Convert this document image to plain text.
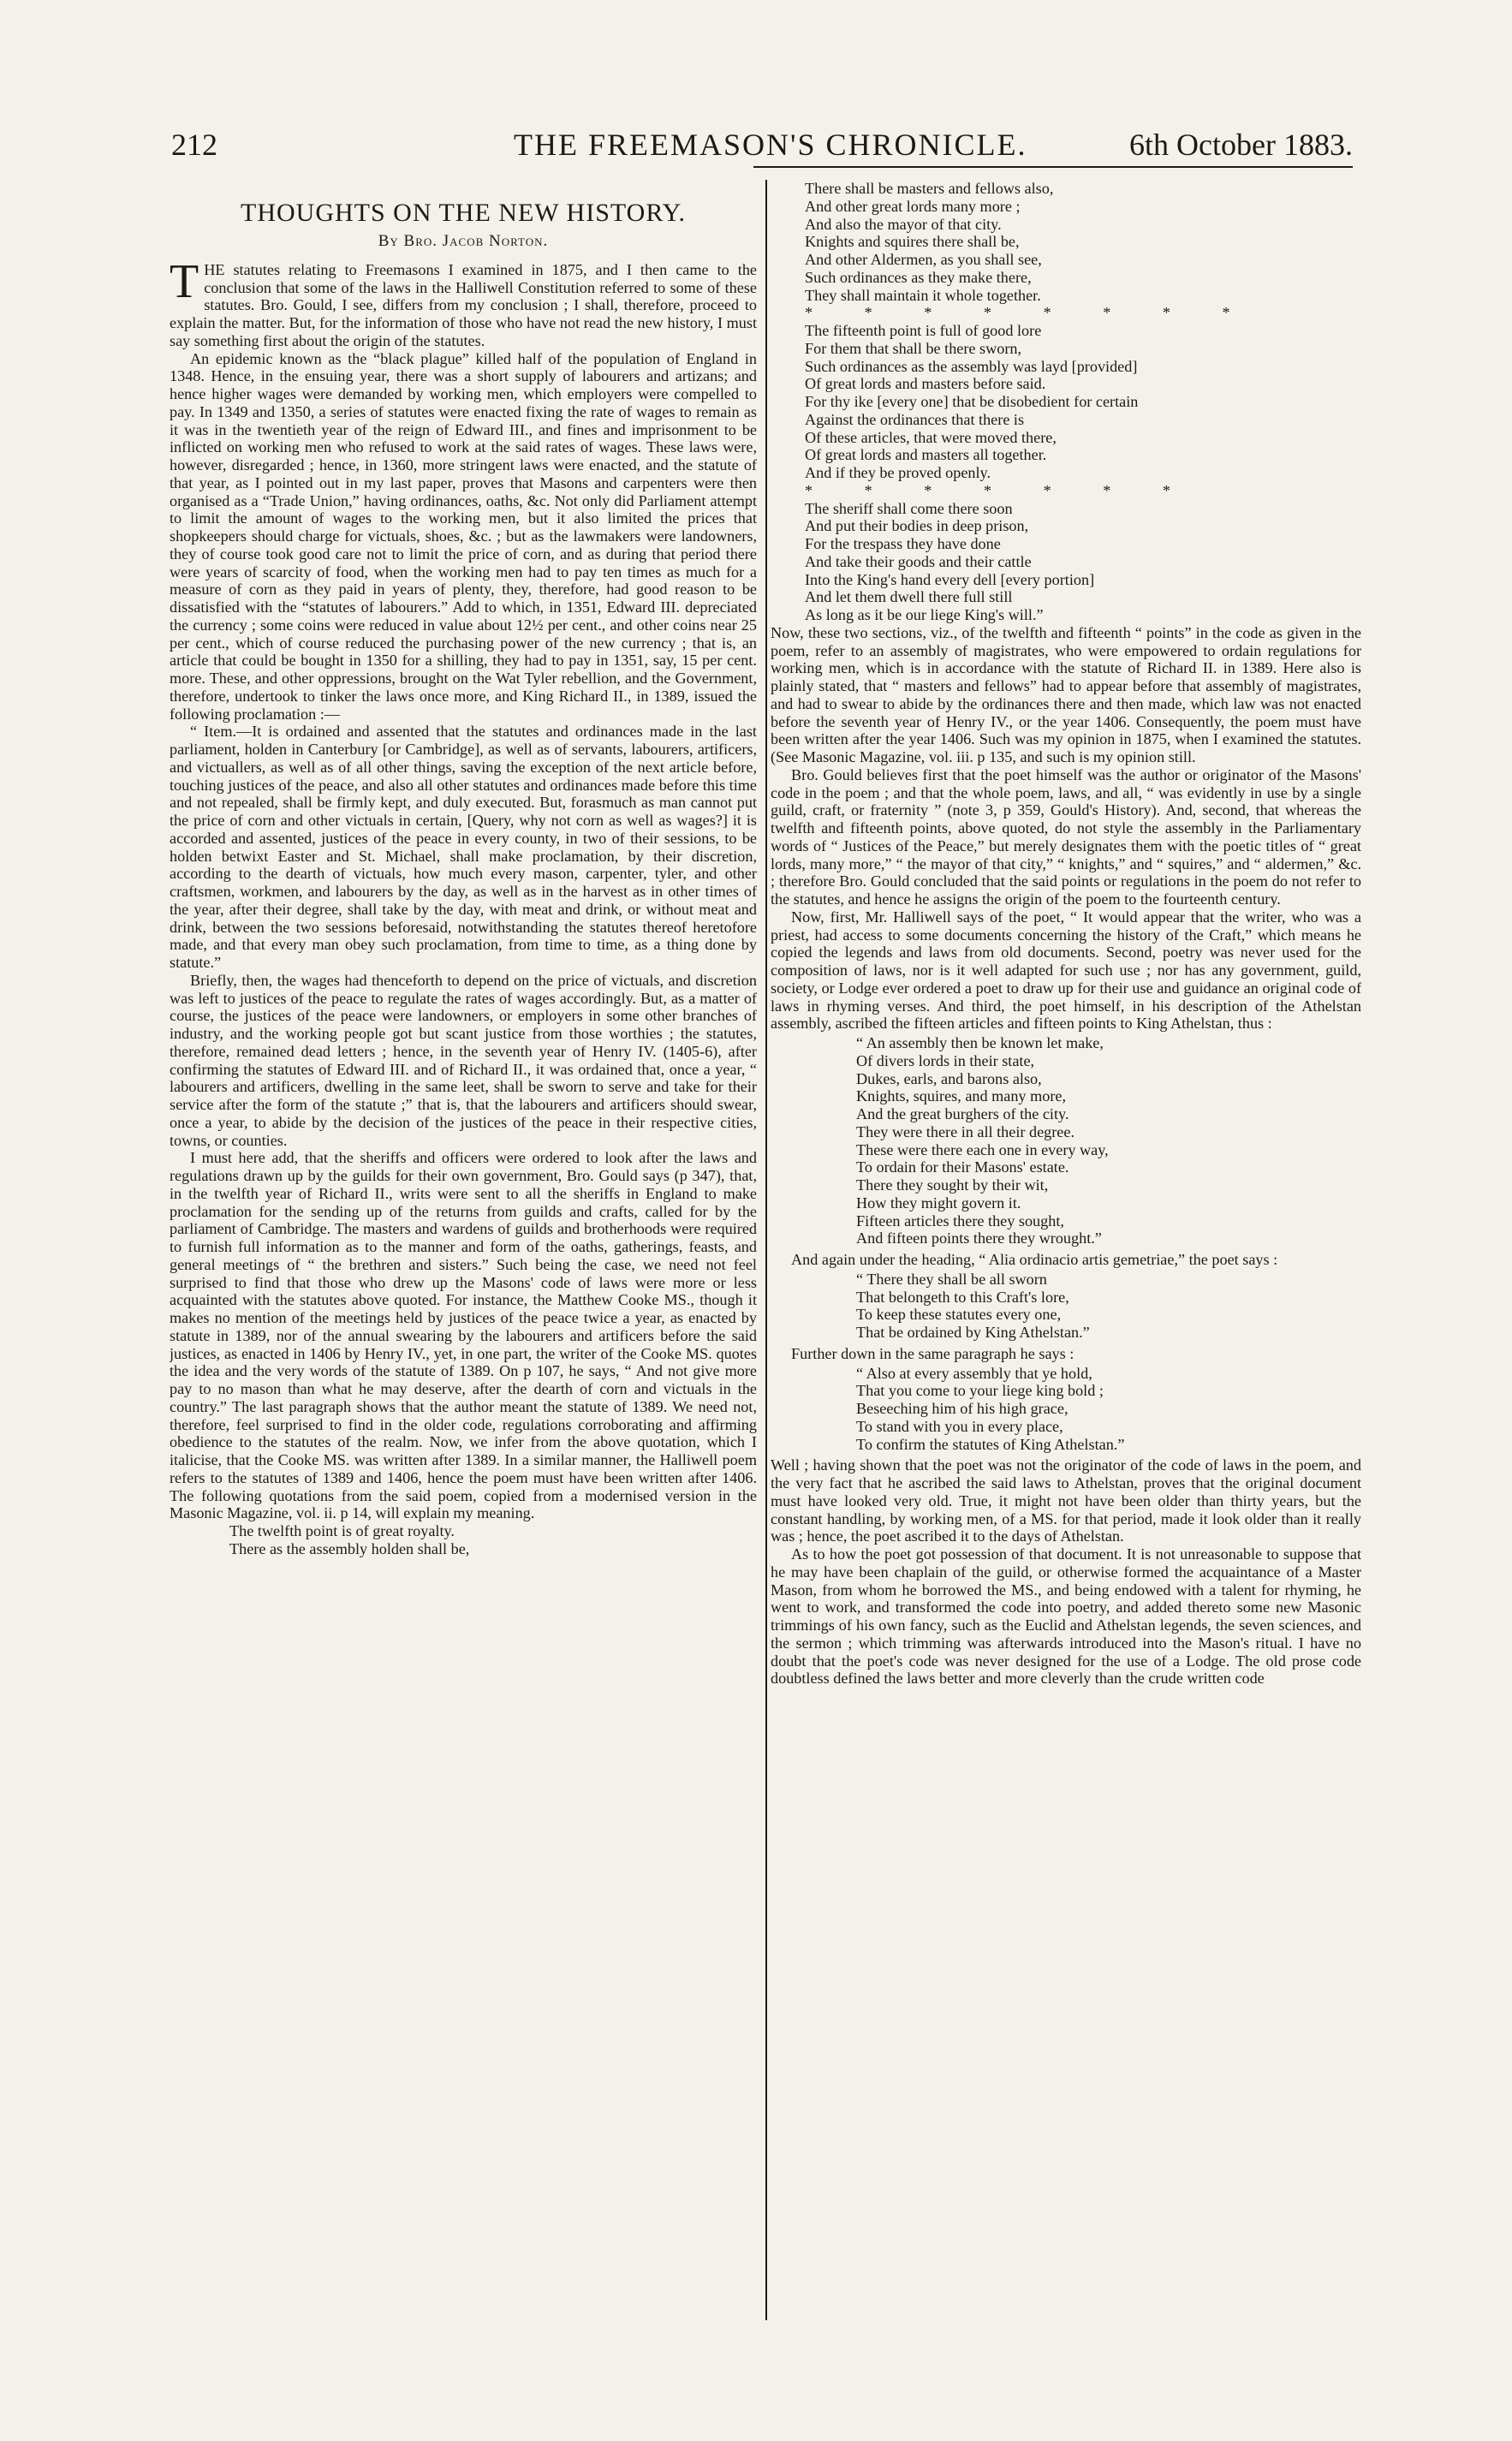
212	THE FREEMASON'S CHRONICLE.	6th October 1883.
THOUGHTS ON THE NEW HISTORY.
By Bro. Jacob Norton.

THE statutes relating to Freemasons I examined in 1875, and I then came to the conclusion that some of the laws in the Halliwell Constitution referred to some of these statutes. Bro. Gould, I see, differs from my conclusion ; I shall, therefore, proceed to explain the matter. But, for the information of those who have not read the new history, I must say something first about the origin of the statutes.

An epidemic known as the “black plague” killed half of the population of England in 1348. Hence, in the ensuing year, there was a short supply of labourers and artizans; and hence higher wages were demanded by working men, which employers were compelled to pay. In 1349 and 1350, a series of statutes were enacted fixing the rate of wages to remain as it was in the twentieth year of the reign of Edward III., and fines and imprisonment to be inflicted on working men who refused to work at the said rates of wages. These laws were, however, disregarded ; hence, in 1360, more stringent laws were enacted, and the statute of that year, as I pointed out in my last paper, proves that Masons and carpenters were then organised as a “Trade Union,” having ordinances, oaths, &c. Not only did Parliament attempt to limit the amount of wages to the working men, but it also limited the prices that shopkeepers should charge for victuals, shoes, &c. ; but as the lawmakers were landowners, they of course took good care not to limit the price of corn, and as during that period there were years of scarcity of food, when the working men had to pay ten times as much for a measure of corn as they paid in years of plenty, they, therefore, had good reason to be dissatisfied with the “statutes of labourers.” Add to which, in 1351, Edward III. depreciated the currency ; some coins were reduced in value about 12½ per cent., and other coins near 25 per cent., which of course reduced the purchasing power of the new currency ; that is, an article that could be bought in 1350 for a shilling, they had to pay in 1351, say, 15 per cent. more. These, and other oppressions, brought on the Wat Tyler rebellion, and the Government, therefore, undertook to tinker the laws once more, and King Richard II., in 1389, issued the following proclamation :—

“ Item.—It is ordained and assented that the statutes and ordinances made in the last parliament, holden in Canterbury [or Cambridge], as well as of servants, labourers, artificers, and victuallers, as well as of all other things, saving the exception of the next article before, touching justices of the peace, and also all other statutes and ordinances made before this time and not repealed, shall be firmly kept, and duly executed. But, forasmuch as man cannot put the price of corn and other victuals in certain, [Query, why not corn as well as wages?] it is accorded and assented, justices of the peace in every county, in two of their sessions, to be holden betwixt Easter and St. Michael, shall make proclamation, by their discretion, according to the dearth of victuals, how much every mason, carpenter, tyler, and other craftsmen, workmen, and labourers by the day, as well as in the harvest as in other times of the year, after their degree, shall take by the day, with meat and drink, or without meat and drink, between the two sessions beforesaid, notwithstanding the statutes thereof heretofore made, and that every man obey such proclamation, from time to time, as a thing done by statute.”

Briefly, then, the wages had thenceforth to depend on the price of victuals, and discretion was left to justices of the peace to regulate the rates of wages accordingly. But, as a matter of course, the justices of the peace were landowners, or employers in some other branches of industry, and the working people got but scant justice from those worthies ; the statutes, therefore, remained dead letters ; hence, in the seventh year of Henry IV. (1405-6), after confirming the statutes of Edward III. and of Richard II., it was ordained that, once a year, “ labourers and artificers, dwelling in the same leet, shall be sworn to serve and take for their service after the form of the statute ;” that is, that the labourers and artificers should swear, once a year, to abide by the decision of the justices of the peace in their respective cities, towns, or counties.

I must here add, that the sheriffs and officers were ordered to look after the laws and regulations drawn up by the guilds for their own government, Bro. Gould says (p 347), that, in the twelfth year of Richard II., writs were sent to all the sheriffs in England to make proclamation for the sending up of the returns from guilds and crafts, called for by the parliament of Cambridge. The masters and wardens of guilds and brotherhoods were required to furnish full information as to the manner and form of the oaths, gatherings, feasts, and general meetings of “ the brethren and sisters.” Such being the case, we need not feel surprised to find that those who drew up the Masons' code of laws were more or less acquainted with the statutes above quoted. For instance, the Matthew Cooke MS., though it makes no mention of the meetings held by justices of the peace twice a year, as enacted by statute in 1389, nor of the annual swearing by the labourers and artificers before the said justices, as enacted in 1406 by Henry IV., yet, in one part, the writer of the Cooke MS. quotes the idea and the very words of the statute of 1389. On p 107, he says, “ And not give more pay to no mason than what he may deserve, after the dearth of corn and victuals in the country.” The last paragraph shows that the author meant the statute of 1389. We need not, therefore, feel surprised to find in the older code, regulations corroborating and affirming obedience to the statutes of the realm. Now, we infer from the above quotation, which I italicise, that the Cooke MS. was written after 1389. In a similar manner, the Halliwell poem refers to the statutes of 1389 and 1406, hence the poem must have been written after 1406. The following quotations from the said poem, copied from a modernised version in the Masonic Magazine, vol. ii. p 14, will explain my meaning.

The twelfth point is of great royalty.
There as the assembly holden shall be,
There shall be masters and fellows also,
And other great lords many more ;
And also the mayor of that city.
Knights and squires there shall be,
And other Aldermen, as you shall see,
Such ordinances as they make there,
They shall maintain it whole together.
* * * * * * * *
The fifteenth point is full of good lore
For them that shall be there sworn,
Such ordinances as the assembly was layd [provided]
Of great lords and masters before said.
For thy ike [every one] that be disobedient for certain
Against the ordinances that there is
Of these articles, that were moved there,
Of great lords and masters all together.
And if they be proved openly.
* * * * * * *
The sheriff shall come there soon
And put their bodies in deep prison,
For the trespass they have done
And take their goods and their cattle
Into the King's hand every dell [every portion]
And let them dwell there full still
As long as it be our liege King's will.”

Now, these two sections, viz., of the twelfth and fifteenth “ points” in the code as given in the poem, refer to an assembly of magistrates, who were empowered to ordain regulations for working men, which is in accordance with the statute of Richard II. in 1389. Here also is plainly stated, that “ masters and fellows” had to appear before that assembly of magistrates, and had to swear to abide by the ordinances there and then made, which law was not enacted before the seventh year of Henry IV., or the year 1406. Consequently, the poem must have been written after the year 1406. Such was my opinion in 1875, when I examined the statutes. (See Masonic Magazine, vol. iii. p 135, and such is my opinion still.

Bro. Gould believes first that the poet himself was the author or originator of the Masons' code in the poem ; and that the whole poem, laws, and all, “ was evidently in use by a single guild, craft, or fraternity ” (note 3, p 359, Gould's History). And, second, that whereas the twelfth and fifteenth points, above quoted, do not style the assembly in the Parliamentary words of “ Justices of the Peace,” but merely designates them with the poetic titles of “ great lords, many more,” “ the mayor of that city,” “ knights,” and “ squires,” and “ aldermen,” &c. ; therefore Bro. Gould concluded that the said points or regulations in the poem do not refer to the statutes, and hence he assigns the origin of the poem to the fourteenth century.

Now, first, Mr. Halliwell says of the poet, “ It would appear that the writer, who was a priest, had access to some documents concerning the history of the Craft,” which means he copied the legends and laws from old documents. Second, poetry was never used for the composition of laws, nor is it well adapted for such use ; nor has any government, guild, society, or Lodge ever ordered a poet to draw up for their use and guidance an original code of laws in rhyming verses. And third, the poet himself, in his description of the Athelstan assembly, ascribed the fifteen articles and fifteen points to King Athelstan, thus :

“ An assembly then be known let make,
Of divers lords in their state,
Dukes, earls, and barons also,
Knights, squires, and many more,
And the great burghers of the city.
They were there in all their degree.
These were there each one in every way,
To ordain for their Masons' estate.
There they sought by their wit,
How they might govern it.
Fifteen articles there they sought,
And fifteen points there they wrought.”

And again under the heading, “ Alia ordinacio artis gemetriae,” the poet says :

“ There they shall be all sworn
That belongeth to this Craft's lore,
To keep these statutes every one,
That be ordained by King Athelstan.”

Further down in the same paragraph he says :

“ Also at every assembly that ye hold,
That you come to your liege king bold ;
Beseeching him of his high grace,
To stand with you in every place,
To confirm the statutes of King Athelstan.”

Well ; having shown that the poet was not the originator of the code of laws in the poem, and the very fact that he ascribed the said laws to Athelstan, proves that the original document must have looked very old. True, it might not have been older than thirty years, but the constant handling, by working men, of a MS. for that period, made it look older than it really was ; hence, the poet ascribed it to the days of Athelstan.

As to how the poet got possession of that document. It is not unreasonable to suppose that he may have been chaplain of the guild, or otherwise formed the acquaintance of a Master Mason, from whom he borrowed the MS., and being endowed with a talent for rhyming, he went to work, and transformed the code into poetry, and added thereto some new Masonic trimmings of his own fancy, such as the Euclid and Athelstan legends, the seven sciences, and the sermon ; which trimming was afterwards introduced into the Mason's ritual. I have no doubt that the poet's code was never designed for the use of a Lodge. The old prose code doubtless defined the laws better and more cleverly than the crude written code
